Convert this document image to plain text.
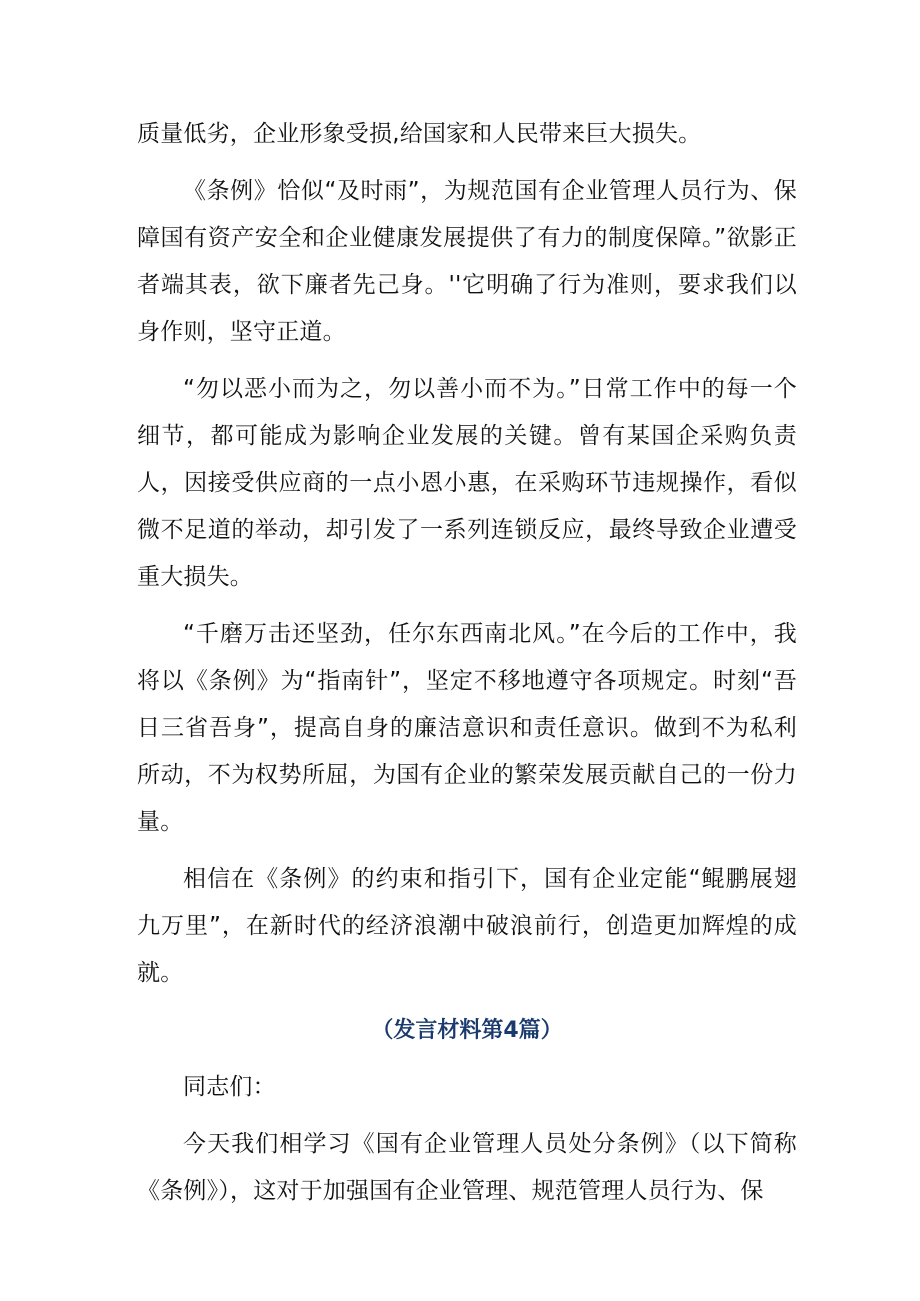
质量低劣，企业形象受损,给国家和人民带来巨大损失。

《条例》恰似“及时雨”，为规范国有企业管理人员行为、保障国有资产安全和企业健康发展提供了有力的制度保障。”欲影正者端其表，欲下廉者先己身。''它明确了行为准则，要求我们以身作则，坚守正道。

“勿以恶小而为之，勿以善小而不为。”日常工作中的每一个细节，都可能成为影响企业发展的关键。曾有某国企采购负责人，因接受供应商的一点小恩小惠，在采购环节违规操作，看似微不足道的举动，却引发了一系列连锁反应，最终导致企业遭受重大损失。

“千磨万击还坚劲，任尔东西南北风。”在今后的工作中，我将以《条例》为“指南针”，坚定不移地遵守各项规定。时刻“吾日三省吾身”，提高自身的廉洁意识和责任意识。做到不为私利所动，不为权势所屈，为国有企业的繁荣发展贡献自己的一份力量。

相信在《条例》的约束和指引下，国有企业定能“鲲鹏展翅九万里”，在新时代的经济浪潮中破浪前行，创造更加辉煌的成就。

（发言材料第4篇）

同志们：

今天我们相学习《国有企业管理人员处分条例》（以下简称《条例》），这对于加强国有企业管理、规范管理人员行为、保
